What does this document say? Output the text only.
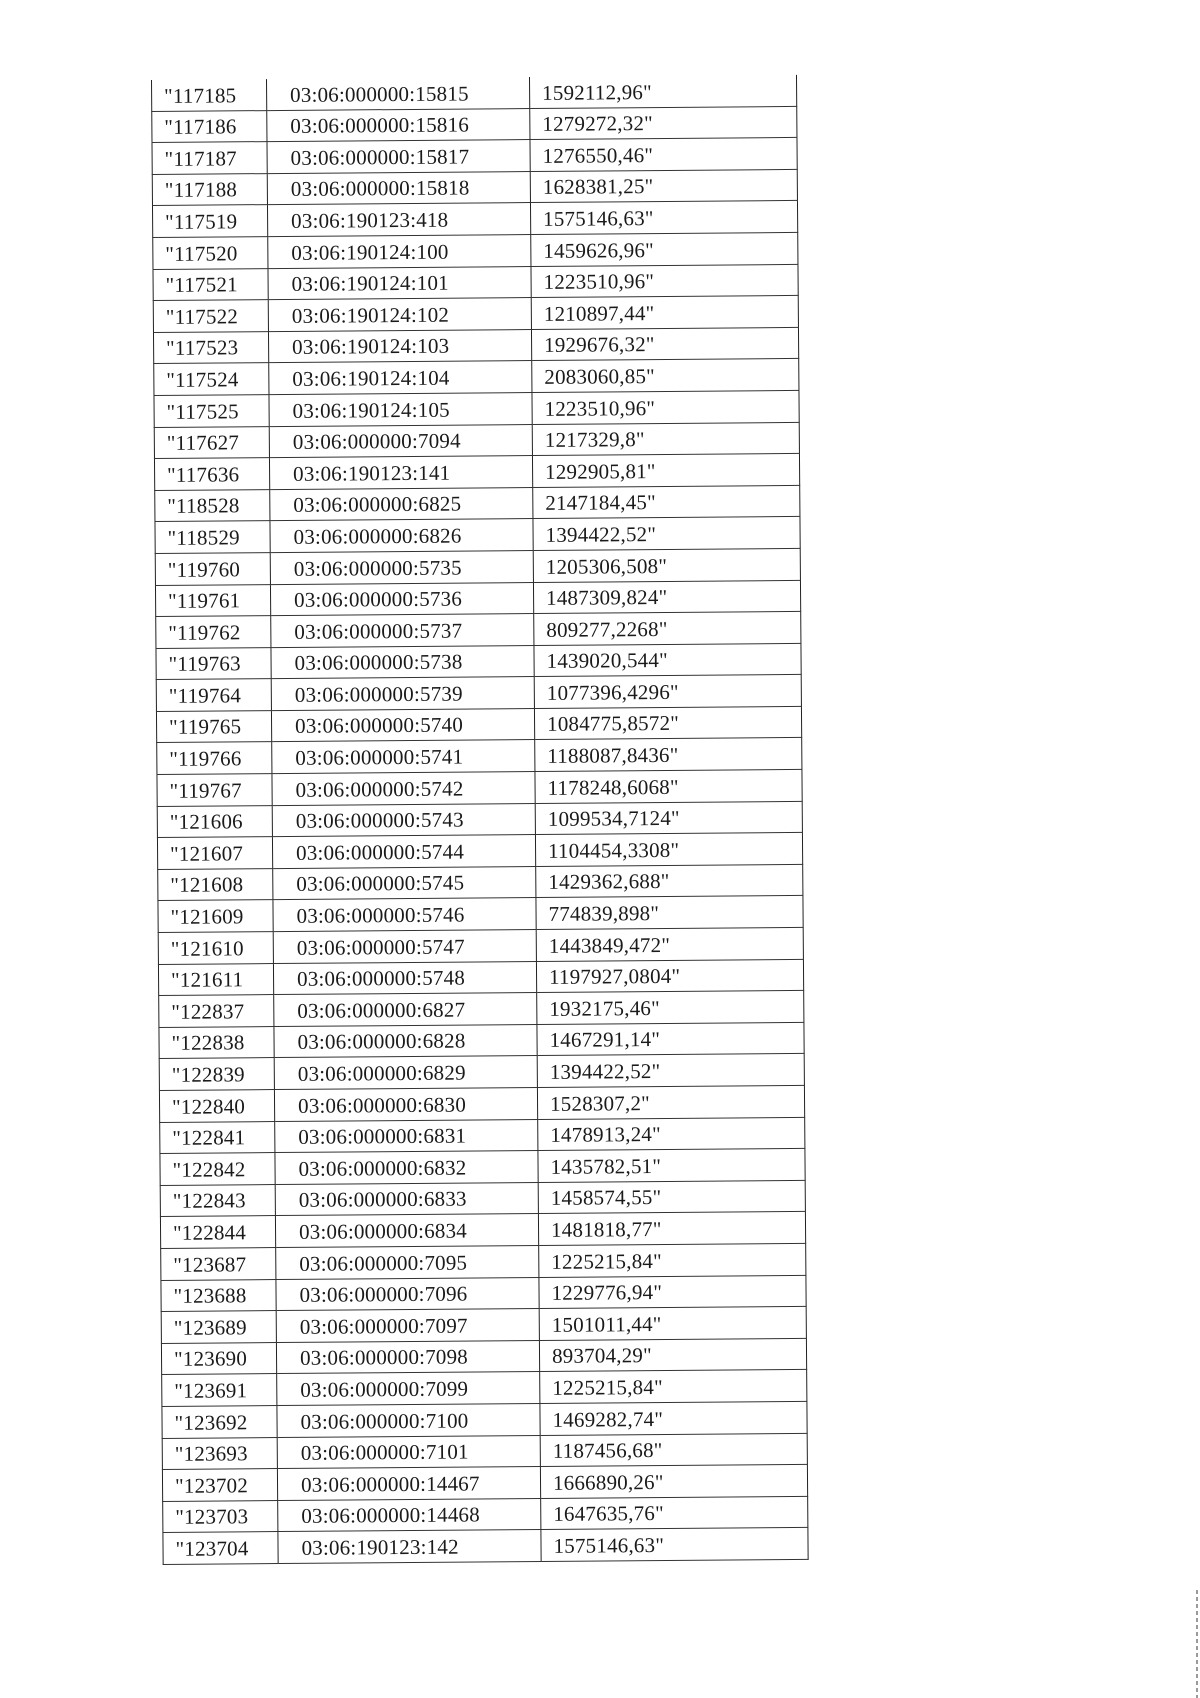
"117185	03:06:000000:15815	1592112,96"
"117186	03:06:000000:15816	1279272,32"
"117187	03:06:000000:15817	1276550,46"
"117188	03:06:000000:15818	1628381,25"
"117519	03:06:190123:418	1575146,63"
"117520	03:06:190124:100	1459626,96"
"117521	03:06:190124:101	1223510,96"
"117522	03:06:190124:102	1210897,44"
"117523	03:06:190124:103	1929676,32"
"117524	03:06:190124:104	2083060,85"
"117525	03:06:190124:105	1223510,96"
"117627	03:06:000000:7094	1217329,8"
"117636	03:06:190123:141	1292905,81"
"118528	03:06:000000:6825	2147184,45"
"118529	03:06:000000:6826	1394422,52"
"119760	03:06:000000:5735	1205306,508"
"119761	03:06:000000:5736	1487309,824"
"119762	03:06:000000:5737	809277,2268"
"119763	03:06:000000:5738	1439020,544"
"119764	03:06:000000:5739	1077396,4296"
"119765	03:06:000000:5740	1084775,8572"
"119766	03:06:000000:5741	1188087,8436"
"119767	03:06:000000:5742	1178248,6068"
"121606	03:06:000000:5743	1099534,7124"
"121607	03:06:000000:5744	1104454,3308"
"121608	03:06:000000:5745	1429362,688"
"121609	03:06:000000:5746	774839,898"
"121610	03:06:000000:5747	1443849,472"
"121611	03:06:000000:5748	1197927,0804"
"122837	03:06:000000:6827	1932175,46"
"122838	03:06:000000:6828	1467291,14"
"122839	03:06:000000:6829	1394422,52"
"122840	03:06:000000:6830	1528307,2"
"122841	03:06:000000:6831	1478913,24"
"122842	03:06:000000:6832	1435782,51"
"122843	03:06:000000:6833	1458574,55"
"122844	03:06:000000:6834	1481818,77"
"123687	03:06:000000:7095	1225215,84"
"123688	03:06:000000:7096	1229776,94"
"123689	03:06:000000:7097	1501011,44"
"123690	03:06:000000:7098	893704,29"
"123691	03:06:000000:7099	1225215,84"
"123692	03:06:000000:7100	1469282,74"
"123693	03:06:000000:7101	1187456,68"
"123702	03:06:000000:14467	1666890,26"
"123703	03:06:000000:14468	1647635,76"
"123704	03:06:190123:142	1575146,63"
